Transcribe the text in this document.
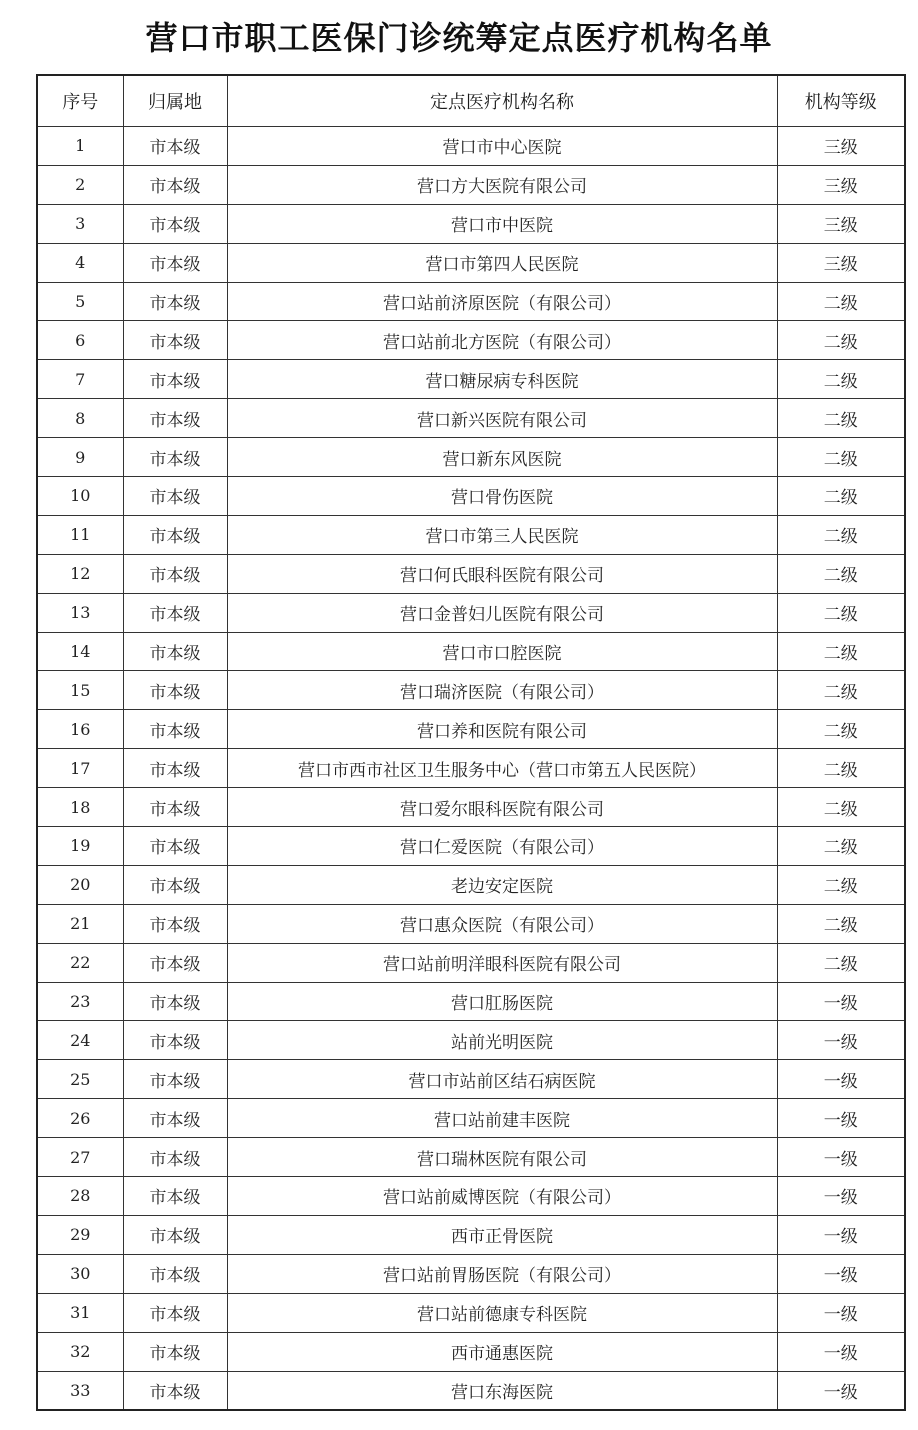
营口市职工医保门诊统筹定点医疗机构名单
序号	归属地	定点医疗机构名称	机构等级
1	市本级	营口市中心医院	三级
2	市本级	营口方大医院有限公司	三级
3	市本级	营口市中医院	三级
4	市本级	营口市第四人民医院	三级
5	市本级	营口站前济原医院（有限公司）	二级
6	市本级	营口站前北方医院（有限公司）	二级
7	市本级	营口糖尿病专科医院	二级
8	市本级	营口新兴医院有限公司	二级
9	市本级	营口新东风医院	二级
10	市本级	营口骨伤医院	二级
11	市本级	营口市第三人民医院	二级
12	市本级	营口何氏眼科医院有限公司	二级
13	市本级	营口金普妇儿医院有限公司	二级
14	市本级	营口市口腔医院	二级
15	市本级	营口瑞济医院（有限公司）	二级
16	市本级	营口养和医院有限公司	二级
17	市本级	营口市西市社区卫生服务中心（营口市第五人民医院）	二级
18	市本级	营口爱尔眼科医院有限公司	二级
19	市本级	营口仁爱医院（有限公司）	二级
20	市本级	老边安定医院	二级
21	市本级	营口惠众医院（有限公司）	二级
22	市本级	营口站前明洋眼科医院有限公司	二级
23	市本级	营口肛肠医院	一级
24	市本级	站前光明医院	一级
25	市本级	营口市站前区结石病医院	一级
26	市本级	营口站前建丰医院	一级
27	市本级	营口瑞林医院有限公司	一级
28	市本级	营口站前威博医院（有限公司）	一级
29	市本级	西市正骨医院	一级
30	市本级	营口站前胃肠医院（有限公司）	一级
31	市本级	营口站前德康专科医院	一级
32	市本级	西市通惠医院	一级
33	市本级	营口东海医院	一级
